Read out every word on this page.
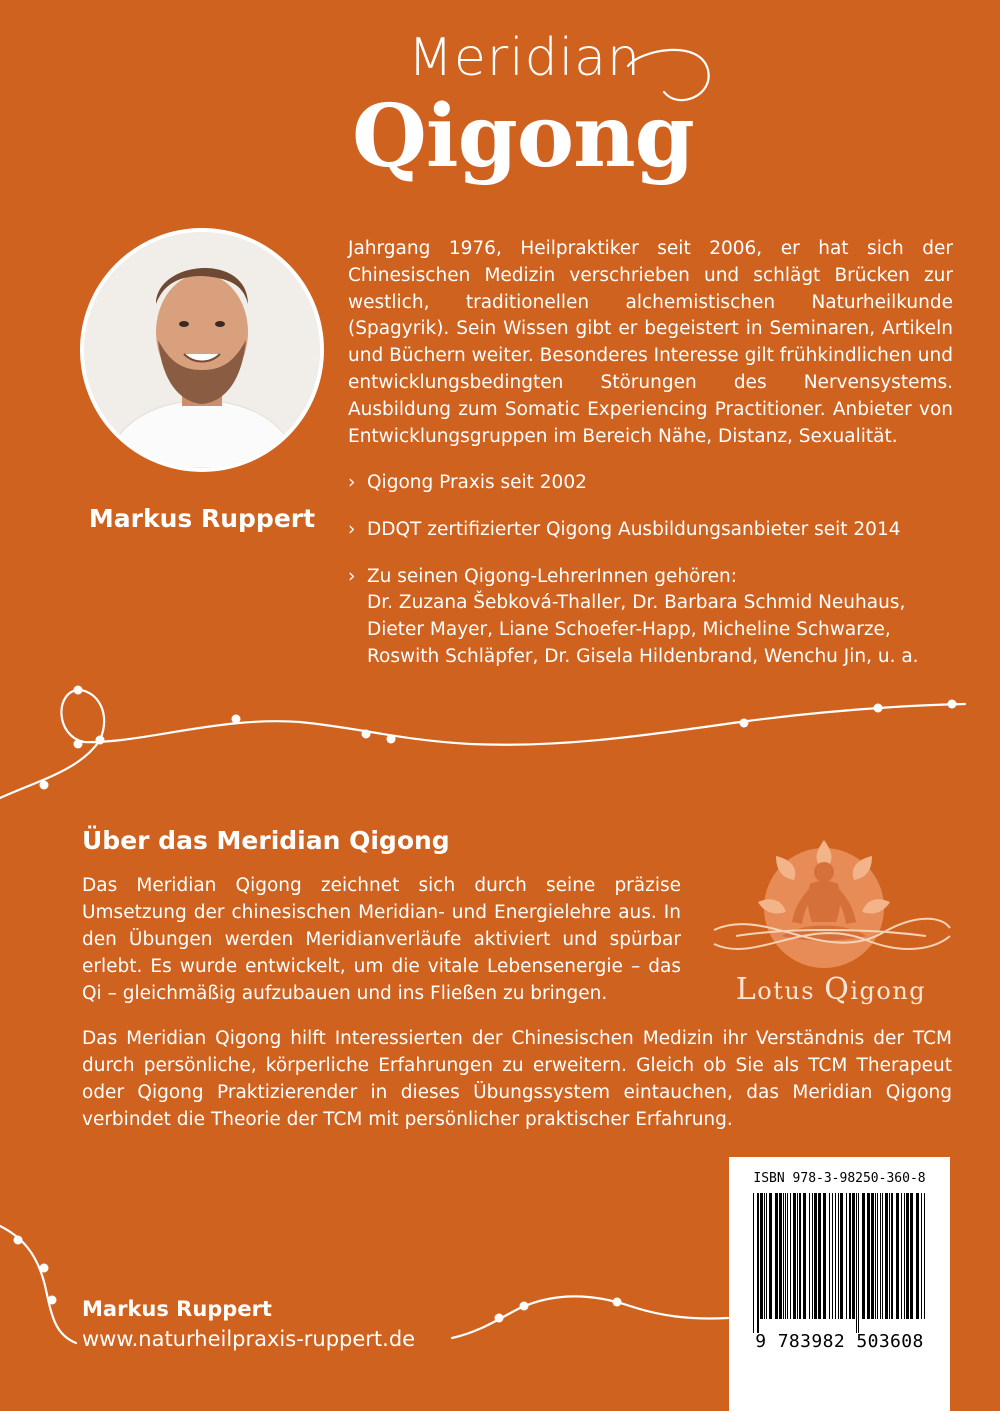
Meridian
Qigong
Markus Ruppert
Jahrgang 1976, Heilpraktiker seit 2006, er hat sich der Chinesischen Medizin verschrieben und schlägt Brücken zur westlich, traditionellen alchemistischen Naturheilkunde (Spagyrik). Sein Wissen gibt er begeistert in Seminaren, Artikeln und Büchern weiter. Besonderes Interesse gilt frühkindlichen und entwicklungsbedingten Störungen des Nervensystems. Ausbildung zum Somatic Experiencing Practitioner. Anbieter von Entwicklungsgruppen im Bereich Nähe, Distanz, Sexualität.
› Qigong Praxis seit 2002
› DDQT zertifizierter Qigong Ausbildungsanbieter seit 2014
› Zu seinen Qigong-LehrerInnen gehören:
Dr. Zuzana Šebková-Thaller, Dr. Barbara Schmid Neuhaus,
Dieter Mayer, Liane Schoefer-Happ, Micheline Schwarze,
Roswith Schläpfer, Dr. Gisela Hildenbrand, Wenchu Jin, u. a.
Über das Meridian Qigong
Das Meridian Qigong zeichnet sich durch seine präzise Umsetzung der chinesischen Meridian- und Energielehre aus. In den Übungen werden Meridianverläufe aktiviert und spürbar erlebt. Es wurde entwickelt, um die vitale Lebensenergie – das Qi – gleichmäßig aufzubauen und ins Fließen zu bringen.
Das Meridian Qigong hilft Interessierten der Chinesischen Medizin ihr Verständnis der TCM durch persönliche, körperliche Erfahrungen zu erweitern. Gleich ob Sie als TCM Therapeut oder Qigong Praktizierender in dieses Übungssystem eintauchen, das Meridian Qigong verbindet die Theorie der TCM mit persönlicher praktischer Erfahrung.
Lotus Qigong
Markus Ruppert
www.naturheilpraxis-ruppert.de
ISBN 978-3-98250-360-8
9 783982 503608
